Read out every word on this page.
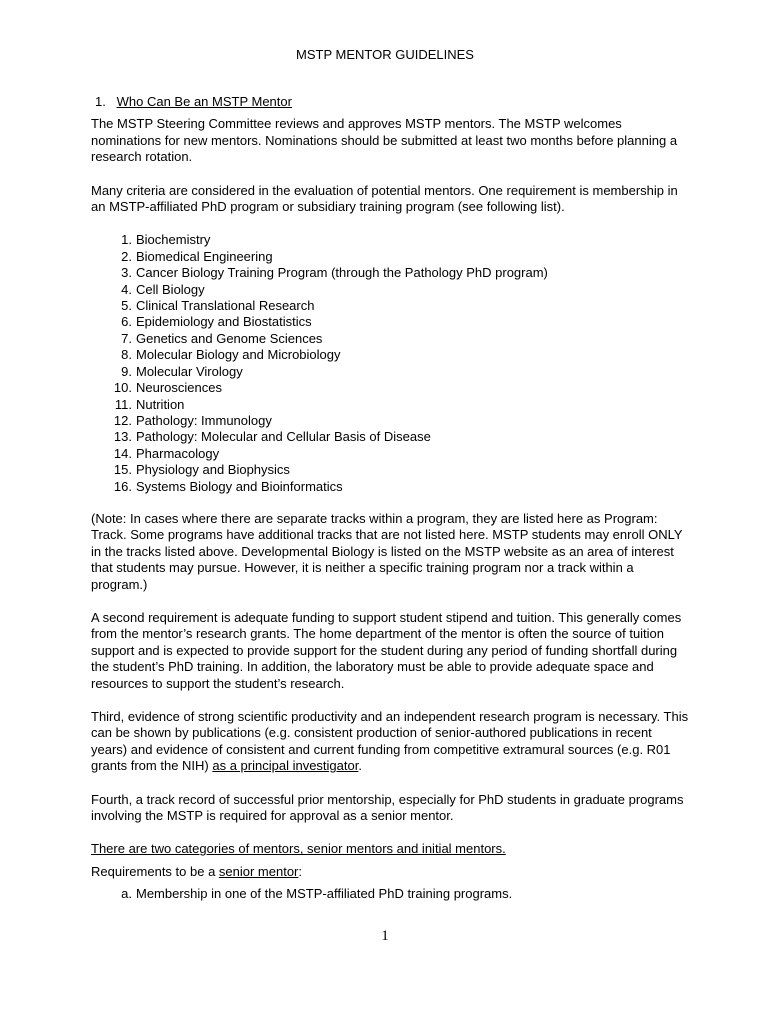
MSTP MENTOR GUIDELINES
1. Who Can Be an MSTP Mentor

The MSTP Steering Committee reviews and approves MSTP mentors. The MSTP welcomes nominations for new mentors. Nominations should be submitted at least two months before planning a research rotation.

Many criteria are considered in the evaluation of potential mentors. One requirement is membership in an MSTP-affiliated PhD program or subsidiary training program (see following list).

1 . Biochemistry
2 . Biomedical Engineering
3 . Cancer Biology Training Program (through the Pathology PhD program)
4 . Cell Biology
5 . Clinical Translational Research
6 . Epidemiology and Biostatistics
7 . Genetics and Genome Sciences
8 . Molecular Biology and Microbiology
9 . Molecular Virology
10 . Neurosciences
11 . Nutrition
12 . Pathology: Immunology
13 . Pathology: Molecular and Cellular Basis of Disease
14 . Pharmacology
15 . Physiology and Biophysics
16 . Systems Biology and Bioinformatics

(Note: In cases where there are separate tracks within a program, they are listed here as Program: Track. Some programs have additional tracks that are not listed here. MSTP students may enroll ONLY in the tracks listed above. Developmental Biology is listed on the MSTP website as an area of interest that students may pursue. However, it is neither a specific training program nor a track within a program.)

A second requirement is adequate funding to support student stipend and tuition. This generally comes from the mentor’s research grants. The home department of the mentor is often the source of tuition support and is expected to provide support for the student during any period of funding shortfall during the student’s PhD training. In addition, the laboratory must be able to provide adequate space and resources to support the student’s research.

Third, evidence of strong scientific productivity and an independent research program is necessary. This can be shown by publications (e.g. consistent production of senior-authored publications in recent years) and evidence of consistent and current funding from competitive extramural sources (e.g. R01 grants from the NIH) as a principal investigator.

Fourth, a track record of successful prior mentorship, especially for PhD students in graduate programs involving the MSTP is required for approval as a senior mentor.

There are two categories of mentors, senior mentors and initial mentors.
Requirements to be a senior mentor:
a. Membership in one of the MSTP-affiliated PhD training programs.
1
